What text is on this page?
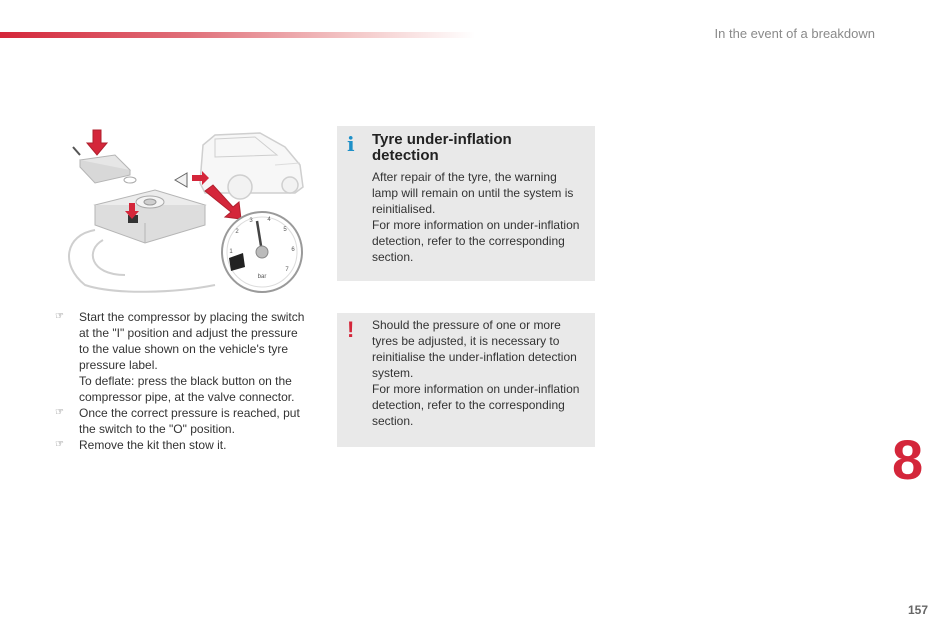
In the event of a breakdown
1
2
3 4
5
6
7
bar
☞ Start the compressor by placing the switch
at the "I" position and adjust the pressure
to the value shown on the vehicle's tyre
pressure label.
To deflate: press the black button on the
compressor pipe, at the valve connector.
☞ Once the correct pressure is reached, put
the switch to the "O" position.
☞ Remove the kit then stow it.
i Tyre under-inflation
detection
After repair of the tyre, the warning
lamp will remain on until the system is
reinitialised.
For more information on under-inflation
detection, refer to the corresponding
section.
! Should the pressure of one or more
tyres be adjusted, it is necessary to
reinitialise the under-inflation detection
system.
For more information on under-inflation
detection, refer to the corresponding
section.
8
157
